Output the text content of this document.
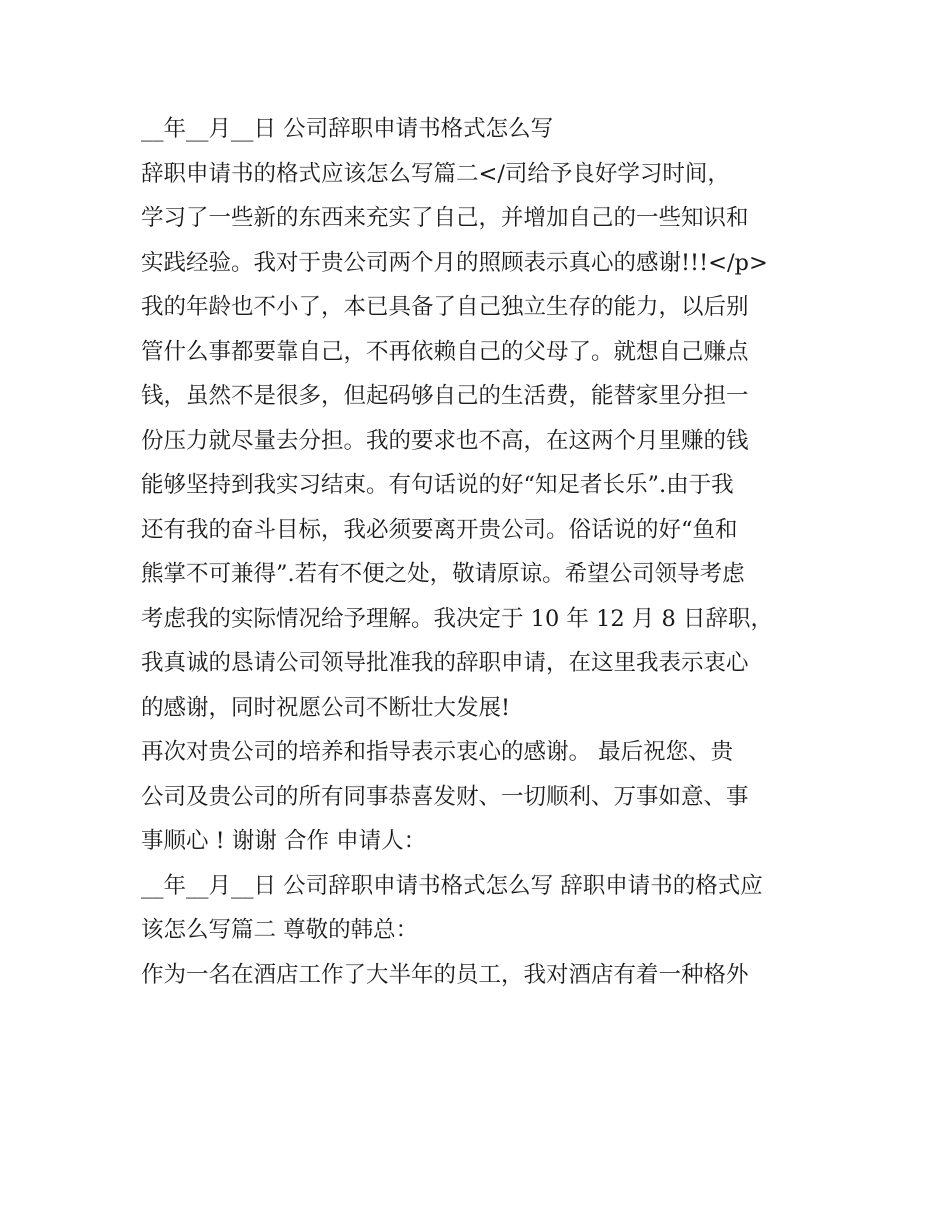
__年__月__日 公司辞职申请书格式怎么写
辞职申请书的格式应该怎么写篇二</司给予良好学习时间，
学习了一些新的东西来充实了自己，并增加自己的一些知识和
实践经验。我对于贵公司两个月的照顾表示真心的感谢!!!</p>
我的年龄也不小了，本已具备了自己独立生存的能力，以后别
管什么事都要靠自己，不再依赖自己的父母了。就想自己赚点
钱，虽然不是很多，但起码够自己的生活费，能替家里分担一
份压力就尽量去分担。我的要求也不高，在这两个月里赚的钱
能够坚持到我实习结束。有句话说的好“知足者长乐”.由于我
还有我的奋斗目标，我必须要离开贵公司。俗话说的好“鱼和
熊掌不可兼得”.若有不便之处，敬请原谅。希望公司领导考虑
考虑我的实际情况给予理解。我决定于 10 年 12 月 8 日辞职，
我真诚的恳请公司领导批准我的辞职申请，在这里我表示衷心
的感谢，同时祝愿公司不断壮大发展!
再次对贵公司的培养和指导表示衷心的感谢。 最后祝您、贵
公司及贵公司的所有同事恭喜发财、一切顺利、万事如意、事
事顺心 ! 谢谢 合作 申请人：
__年__月__日 公司辞职申请书格式怎么写 辞职申请书的格式应
该怎么写篇二 尊敬的韩总：
作为一名在酒店工作了大半年的员工，我对酒店有着一种格外
